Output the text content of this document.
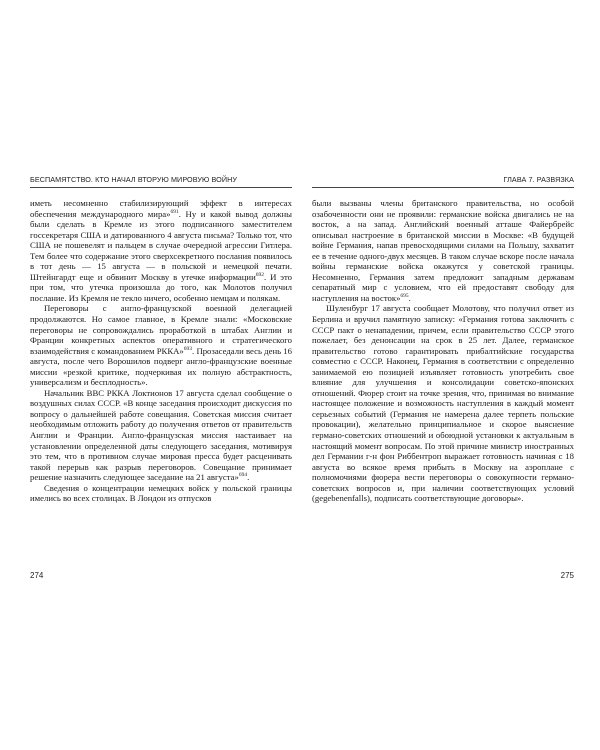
БЕСПАМЯТСТВО. КТО НАЧАЛ ВТОРУЮ МИРОВУЮ ВОЙНУ

иметь несомненно стабилизирующий эффект в интересах обеспечения международного мира»$^{691}$. Ну и какой вывод должны были сделать в Кремле из этого подписанного заместителем госсекретаря США и датированного 4 августа письма? Только тот, что США не пошевелят и пальцем в случае очередной агрессии Гитлера. Тем более что содержание этого сверхсекретного послания появилось в тот день — 15 августа — в польской и немецкой печати. Штейнгардт еще и обвинит Москву в утечке информации$^{692}$. И это при том, что утечка произошла до того, как Молотов получил послание. Из Кремля не текло ничего, особенно немцам и полякам.

Переговоры с англо-французской военной делегацией продолжаются. Но самое главное, в Кремле знали: «Московские переговоры не сопровождались проработкой в штабах Англии и Франции конкретных аспектов оперативного и стратегического взаимодействия с командованием РККА»$^{693}$. Прозаседали весь день 16 августа, после чего Ворошилов подверг англо-французские военные миссии «резкой критике, подчеркивая их полную абстрактность, универсализм и бесплодность».

Начальник ВВС РККА Локтионов 17 августа сделал сообщение о воздушных силах СССР. «В конце заседания происходит дискуссия по вопросу о дальнейшей работе совещания. Советская миссия считает необходимым отложить работу до получения ответов от правительств Англии и Франции. Англо-французская миссия настаивает на установлении определенной даты следующего заседания, мотивируя это тем, что в противном случае мировая пресса будет расценивать такой перерыв как разрыв переговоров. Совещание принимает решение назначить следующее заседание на 21 августа»$^{694}$.

Сведения о концентрации немецких войск у польской границы имелись во всех столицах. В Лондон из отпусков

274
ГЛАВА 7. РАЗВЯЗКА

были вызваны члены британского правительства, но особой озабоченности они не проявили: германские войска двигались не на восток, а на запад. Английский военный атташе Файербрейс описывал настроение в британской миссии в Москве: «В будущей войне Германия, напав превосходящими силами на Польшу, захватит ее в течение одного-двух месяцев. В таком случае вскоре после начала войны германские войска окажутся у советской границы. Несомненно, Германия затем предложит западным державам сепаратный мир с условием, что ей предоставят свободу для наступления на восток»$^{695}$.

Шуленбург 17 августа сообщает Молотову, что получил ответ из Берлина и вручил памятную записку: «Германия готова заключить с СССР пакт о ненападении, причем, если правительство СССР этого пожелает, без денонсации на срок в 25 лет. Далее, германское правительство готово гарантировать прибалтийские государства совместно с СССР. Наконец, Германия в соответствии с определенно занимаемой ею позицией изъявляет готовность употребить свое влияние для улучшения и консолидации советско-японских отношений. Фюрер стоит на точке зрения, что, принимая во внимание настоящее положение и возможность наступления в каждый момент серьезных событий (Германия не намерена далее терпеть польские провокации), желательно принципиальное и скорое выяснение германо-советских отношений и обоюдной установки к актуальным в настоящий момент вопросам. По этой причине министр иностранных дел Германии г-н фон Риббентроп выражает готовность начиная с 18 августа во всякое время прибыть в Москву на аэроплане с полномочиями фюрера вести переговоры о совокупности германо-советских вопросов и, при наличии соответствующих условий (gegebenenfalls), подписать соответствующие договоры».

275
